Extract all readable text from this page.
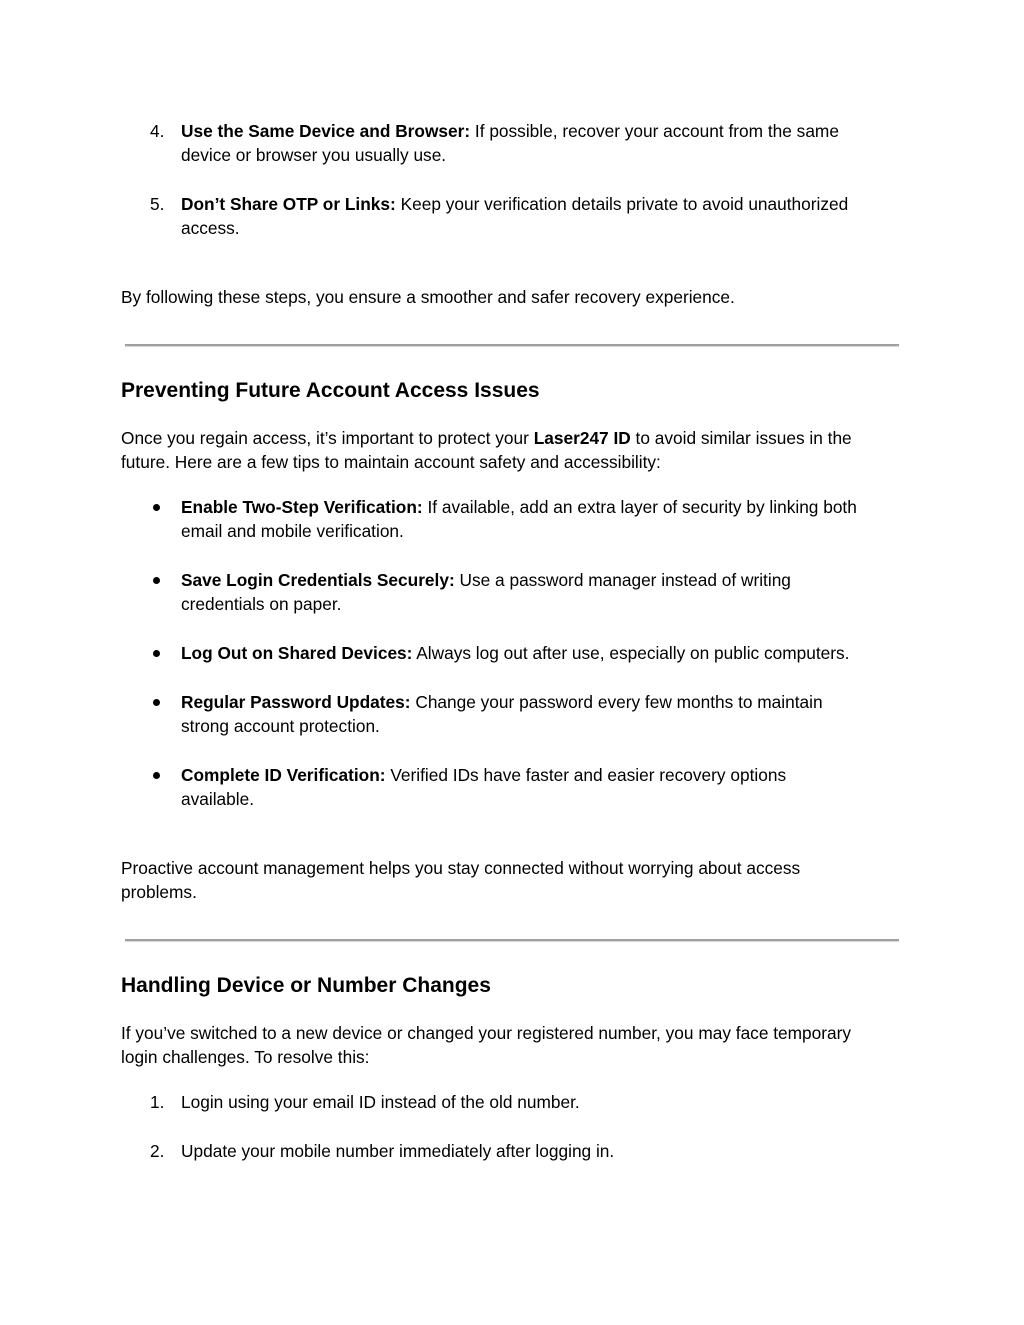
4. Use the Same Device and Browser: If possible, recover your account from the same
device or browser you usually use.
5. Don’t Share OTP or Links: Keep your verification details private to avoid unauthorized
access.
By following these steps, you ensure a smoother and safer recovery experience.
Preventing Future Account Access Issues
Once you regain access, it’s important to protect your Laser247 ID to avoid similar issues in the
future. Here are a few tips to maintain account safety and accessibility:
Enable Two-Step Verification: If available, add an extra layer of security by linking both
email and mobile verification.
Save Login Credentials Securely: Use a password manager instead of writing
credentials on paper.
Log Out on Shared Devices: Always log out after use, especially on public computers.
Regular Password Updates: Change your password every few months to maintain
strong account protection.
Complete ID Verification: Verified IDs have faster and easier recovery options
available.
Proactive account management helps you stay connected without worrying about access
problems.
Handling Device or Number Changes
If you’ve switched to a new device or changed your registered number, you may face temporary
login challenges. To resolve this:
1. Login using your email ID instead of the old number.
2. Update your mobile number immediately after logging in.
